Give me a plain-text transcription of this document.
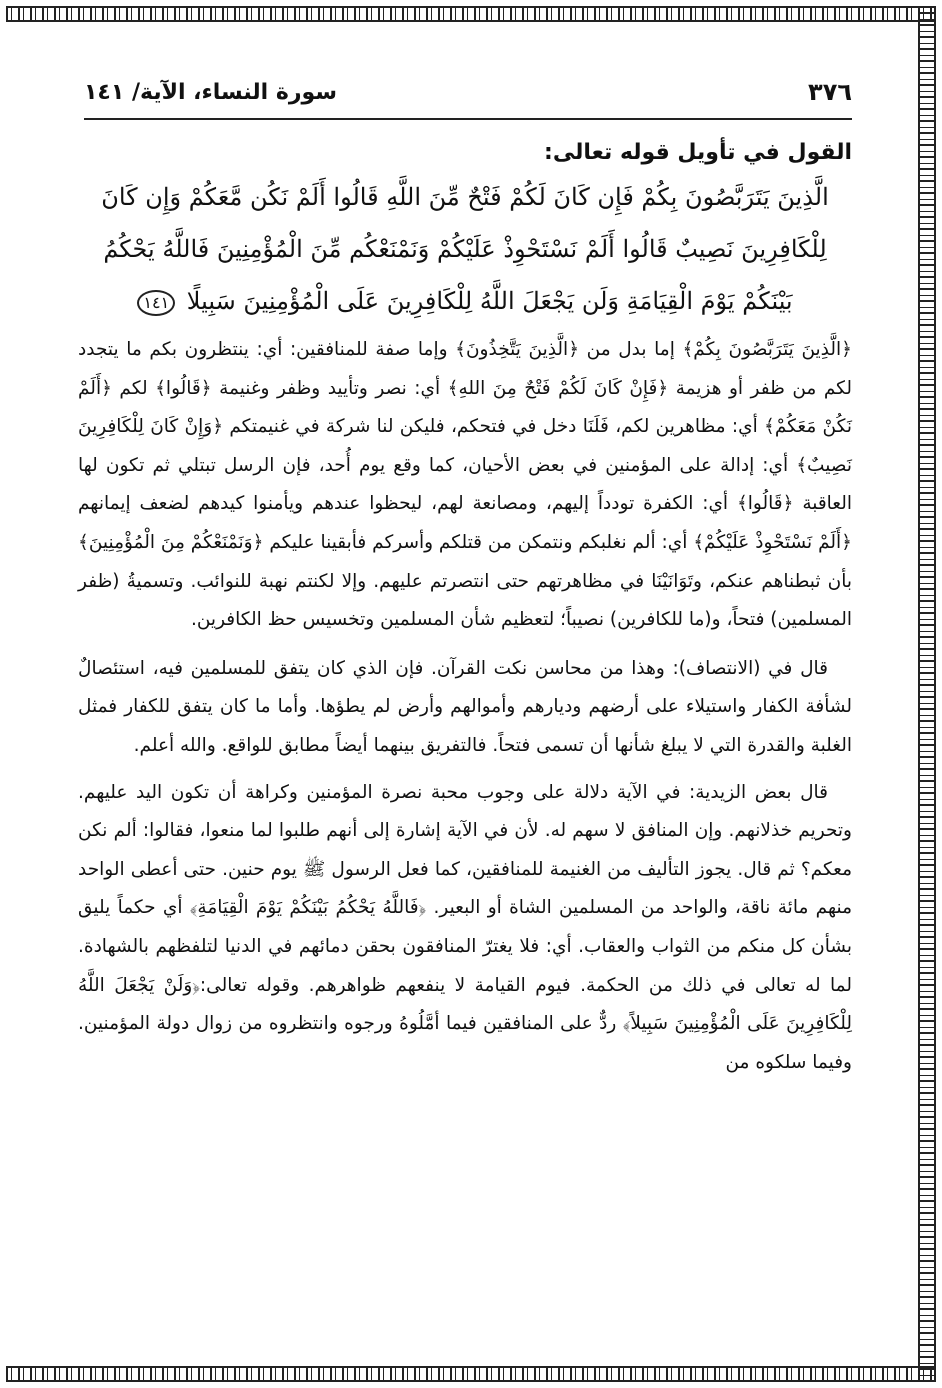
٣٧٦
سورة النساء، الآية/ ١٤١
القول في تأويل قوله تعالى:
الَّذِينَ يَتَرَبَّصُونَ بِكُمْ فَإِن كَانَ لَكُمْ فَتْحٌ مِّنَ اللَّهِ قَالُوا أَلَمْ نَكُن مَّعَكُمْ وَإِن كَانَ لِلْكَافِرِينَ نَصِيبٌ قَالُوا أَلَمْ نَسْتَحْوِذْ عَلَيْكُمْ وَنَمْنَعْكُم مِّنَ الْمُؤْمِنِينَ فَاللَّهُ يَحْكُمُ بَيْنَكُمْ يَوْمَ الْقِيَامَةِ وَلَن يَجْعَلَ اللَّهُ لِلْكَافِرِينَ عَلَى الْمُؤْمِنِينَ سَبِيلًا ١٤١

﴿الَّذِينَ يَتَرَبَّصُونَ بِكُمْ﴾ إما بدل من ﴿الَّذِينَ يَتَّخِذُونَ﴾ وإما صفة للمنافقين: أي: ينتظرون بكم ما يتجدد لكم من ظفر أو هزيمة ﴿فَإِنْ كَانَ لَكُمْ فَتْحٌ مِنَ اللهِ﴾ أي: نصر وتأييد وظفر وغنيمة ﴿قَالُوا﴾ لكم ﴿أَلَمْ نَكُنْ مَعَكُمْ﴾ أي: مظاهرين لكم، فَلَنَا دخل في فتحكم، فليكن لنا شركة في غنيمتكم ﴿وَإِنْ كَانَ لِلْكَافِرِينَ نَصِيبٌ﴾ أي: إدالة على المؤمنين في بعض الأحيان، كما وقع يوم أُحد، فإن الرسل تبتلي ثم تكون لها العاقبة ﴿قَالُوا﴾ أي: الكفرة تودداً إليهم، ومصانعة لهم، ليحظوا عندهم ويأمنوا كيدهم لضعف إيمانهم ﴿أَلَمْ نَسْتَحْوِذْ عَلَيْكُمْ﴾ أي: ألم نغلبكم ونتمكن من قتلكم وأسركم فأبقينا عليكم ﴿وَنَمْنَعْكُمْ مِنَ الْمُؤْمِنِينَ﴾ بأن ثبطناهم عنكم، وتَوَانَيْنَا في مظاهرتهم حتى انتصرتم عليهم. وإلا لكنتم نهبة للنوائب. وتسميةُ (ظفر المسلمين) فتحاً، و(ما للكافرين) نصيباً؛ لتعظيم شأن المسلمين وتخسيس حظ الكافرين.

قال في (الانتصاف): وهذا من محاسن نكت القرآن. فإن الذي كان يتفق للمسلمين فيه، استئصالٌ لشأفة الكفار واستيلاء على أرضهم وديارهم وأموالهم وأرض لم يطؤها. وأما ما كان يتفق للكفار فمثل الغلبة والقدرة التي لا يبلغ شأنها أن تسمى فتحاً. فالتفريق بينهما أيضاً مطابق للواقع. والله أعلم.

قال بعض الزيدية: في الآية دلالة على وجوب محبة نصرة المؤمنين وكراهة أن تكون اليد عليهم. وتحريم خذلانهم. وإن المنافق لا سهم له. لأن في الآية إشارة إلى أنهم طلبوا لما منعوا، فقالوا: ألم نكن معكم؟ ثم قال. يجوز التأليف من الغنيمة للمنافقين، كما فعل الرسول ﷺ يوم حنين. حتى أعطى الواحد منهم مائة ناقة، والواحد من المسلمين الشاة أو البعير. ﴿فَاللَّهُ يَحْكُمُ بَيْنَكُمْ يَوْمَ الْقِيَامَةِ﴾ أي حكماً يليق بشأن كل منكم من الثواب والعقاب. أي: فلا يغترّ المنافقون بحقن دمائهم في الدنيا لتلفظهم بالشهادة. لما له تعالى في ذلك من الحكمة. فيوم القيامة لا ينفعهم ظواهرهم. وقوله تعالى:﴿وَلَنْ يَجْعَلَ اللَّهُ لِلْكَافِرِينَ عَلَى الْمُؤْمِنِينَ سَبِيلاً﴾ ردٌّ على المنافقين فيما أمَّلُوهُ ورجوه وانتظروه من زوال دولة المؤمنين. وفيما سلكوه من
